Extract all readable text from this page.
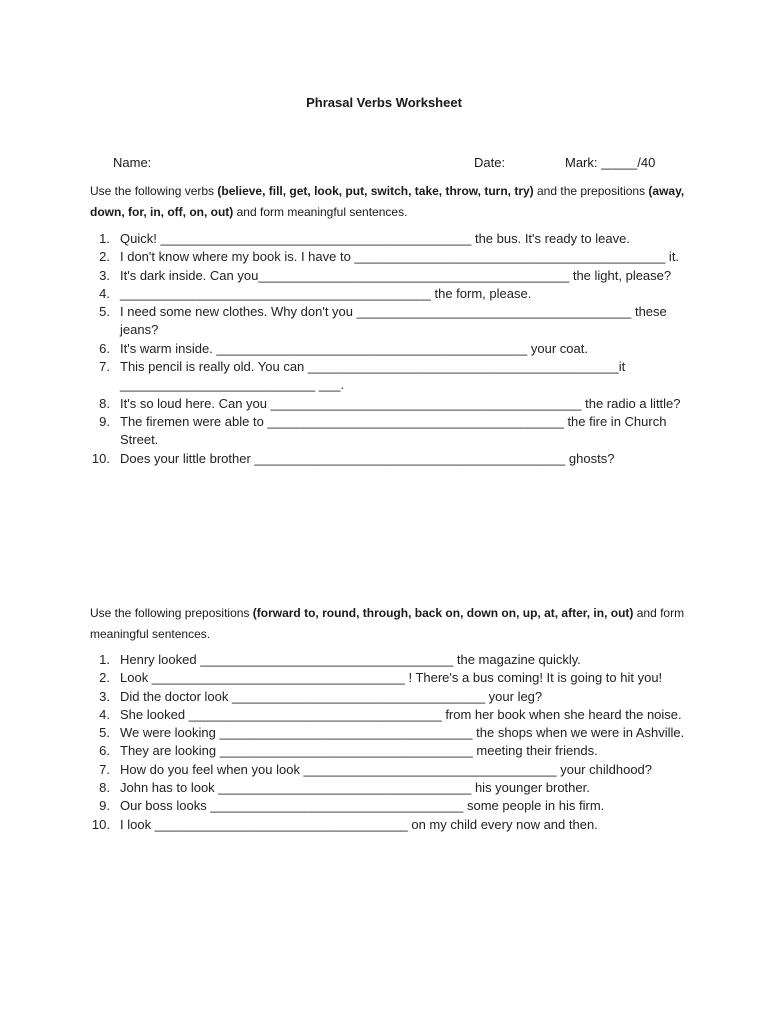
Phrasal Verbs Worksheet
Name:	Date:	Mark: _____/40
Use the following verbs (believe, fill, get, look, put, switch, take, throw, turn, try) and the prepositions (away, down, for, in, off, on, out) and form meaningful sentences.
1. Quick! ___________________________________________ the bus. It's ready to leave.
2. I don't know where my book is. I have to ___________________________________________ it.
3. It's dark inside. Can you___________________________________________ the light, please?
4. ___________________________________________ the form, please.
5. I need some new clothes. Why don't you ______________________________________ these jeans?
6. It's warm inside. ___________________________________________ your coat.
7. This pencil is really old. You can ___________________________________________it ___________________________ ___.
8. It's so loud here. Can you ___________________________________________ the radio a little?
9. The firemen were able to _________________________________________ the fire in Church Street.
10. Does your little brother ___________________________________________ ghosts?
Use the following prepositions (forward to, round, through, back on, down on, up, at, after, in, out) and form meaningful sentences.
1. Henry looked ___________________________________ the magazine quickly.
2. Look ___________________________________ ! There's a bus coming! It is going to hit you!
3. Did the doctor look ___________________________________ your leg?
4. She looked ___________________________________ from her book when she heard the noise.
5. We were looking ___________________________________ the shops when we were in Ashville.
6. They are looking ___________________________________ meeting their friends.
7. How do you feel when you look ___________________________________ your childhood?
8. John has to look ___________________________________ his younger brother.
9. Our boss looks ___________________________________ some people in his firm.
10. I look ___________________________________ on my child every now and then.
